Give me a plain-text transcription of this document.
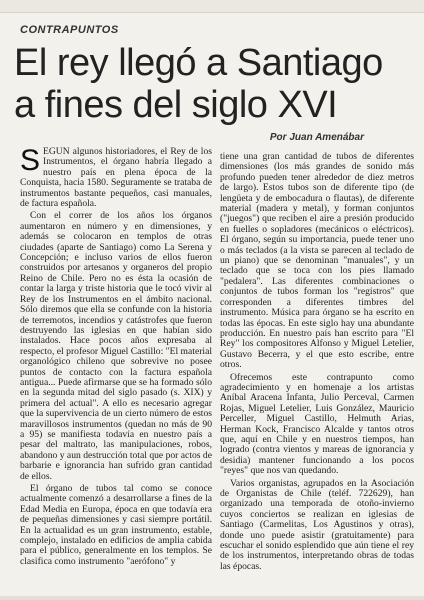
CONTRAPUNTOS
El rey llegó a Santiago
a fines del siglo XVI
Por Juan Amenábar

SEGUN algunos historiadores, el Rey de los Instrumentos, el órgano habría llegado a nuestro país en plena época de la Conquista, hacia 1580. Seguramente se trataba de instrumentos bastante pequeños, casi manuales, de factura española.

Con el correr de los años los órganos aumentaron en número y en dimensiones, y además se colocaron en templos de otras ciudades (aparte de Santiago) como La Serena y Concepción; e incluso varios de ellos fueron construidos por artesanos y organeros del propio Reino de Chile. Pero no es ésta la ocasión de contar la larga y triste historia que le tocó vivir al Rey de los Instrumentos en el ámbito nacional. Sólo diremos que ella se confunde con la historia de terremotos, incendios y catástrofes que fueron destruyendo las iglesias en que habían sido instalados. Hace pocos años expresaba al respecto, el profesor Miguel Castillo: "El material organológico chileno que sobrevive no posee puntos de contacto con la factura española antigua... Puede afirmarse que se ha formado sólo en la segunda mitad del siglo pasado (s. XIX) y primera del actual". A ello es necesario agregar que la supervivencia de un cierto número de estos maravillosos instrumentos (quedan no más de 90 a 95) se manifiesta todavía en nuestro país a pesar del maltrato, las manipulaciones, robos, abandono y aun destrucción total que por actos de barbarie e ignorancia han sufrido gran cantidad de ellos.

El órgano de tubos tal como se conoce actualmente comenzó a desarrollarse a fines de la Edad Media en Europa, época en que todavía era de pequeñas dimensiones y casi siempre portátil. En la actualidad es un gran instrumento, estable, complejo, instalado en edificios de amplia cabida para el público, generalmente en los templos. Se clasifica como instrumento "aerófono" y

tiene una gran cantidad de tubos de diferentes dimensiones (los más grandes de sonido más profundo pueden tener alrededor de diez metros de largo). Estos tubos son de diferente tipo (de lengüeta y de embocadura o flautas), de diferente material (madera y metal), y forman conjuntos ("juegos") que reciben el aire a presión producido en fuelles o sopladores (mecánicos o eléctricos). El órgano, según su importancia, puede tener uno o más teclados (a la vista se parecen al teclado de un piano) que se denominan "manuales", y un teclado que se toca con los pies llamado "pedalera". Las diferentes combinaciones o conjuntos de tubos forman los "registros" que corresponden a diferentes timbres del instrumento. Música para órgano se ha escrito en todas las épocas. En este siglo hay una abundante producción. En nuestro país han escrito para "El Rey" los compositores Alfonso y Miguel Letelier, Gustavo Becerra, y el que esto escribe, entre otros.

Ofrecemos este contrapunto como agradecimiento y en homenaje a los artistas Aníbal Aracena Infanta, Julio Perceval, Carmen Rojas, Miguel Letelier, Luis González, Mauricio Perceller, Miguel Castillo, Helmuth Arias, Herman Kock, Francisco Alcalde y tantos otros que, aquí en Chile y en nuestros tiempos, han logrado (contra vientos y mareas de ignorancia y desidia) mantener funcionando a los pocos "reyes" que nos van quedando.

Varios organistas, agrupados en la Asociación de Organistas de Chile (teléf. 722629), han organizado una temporada de otoño-invierno cuyos conciertos se realizan en iglesias de Santiago (Carmelitas, Los Agustinos y otras), donde uno puede asistir (gratuitamente) para escuchar el sonido esplendido que aún tiene el rey de los instrumentos, interpretando obras de todas las épocas.
